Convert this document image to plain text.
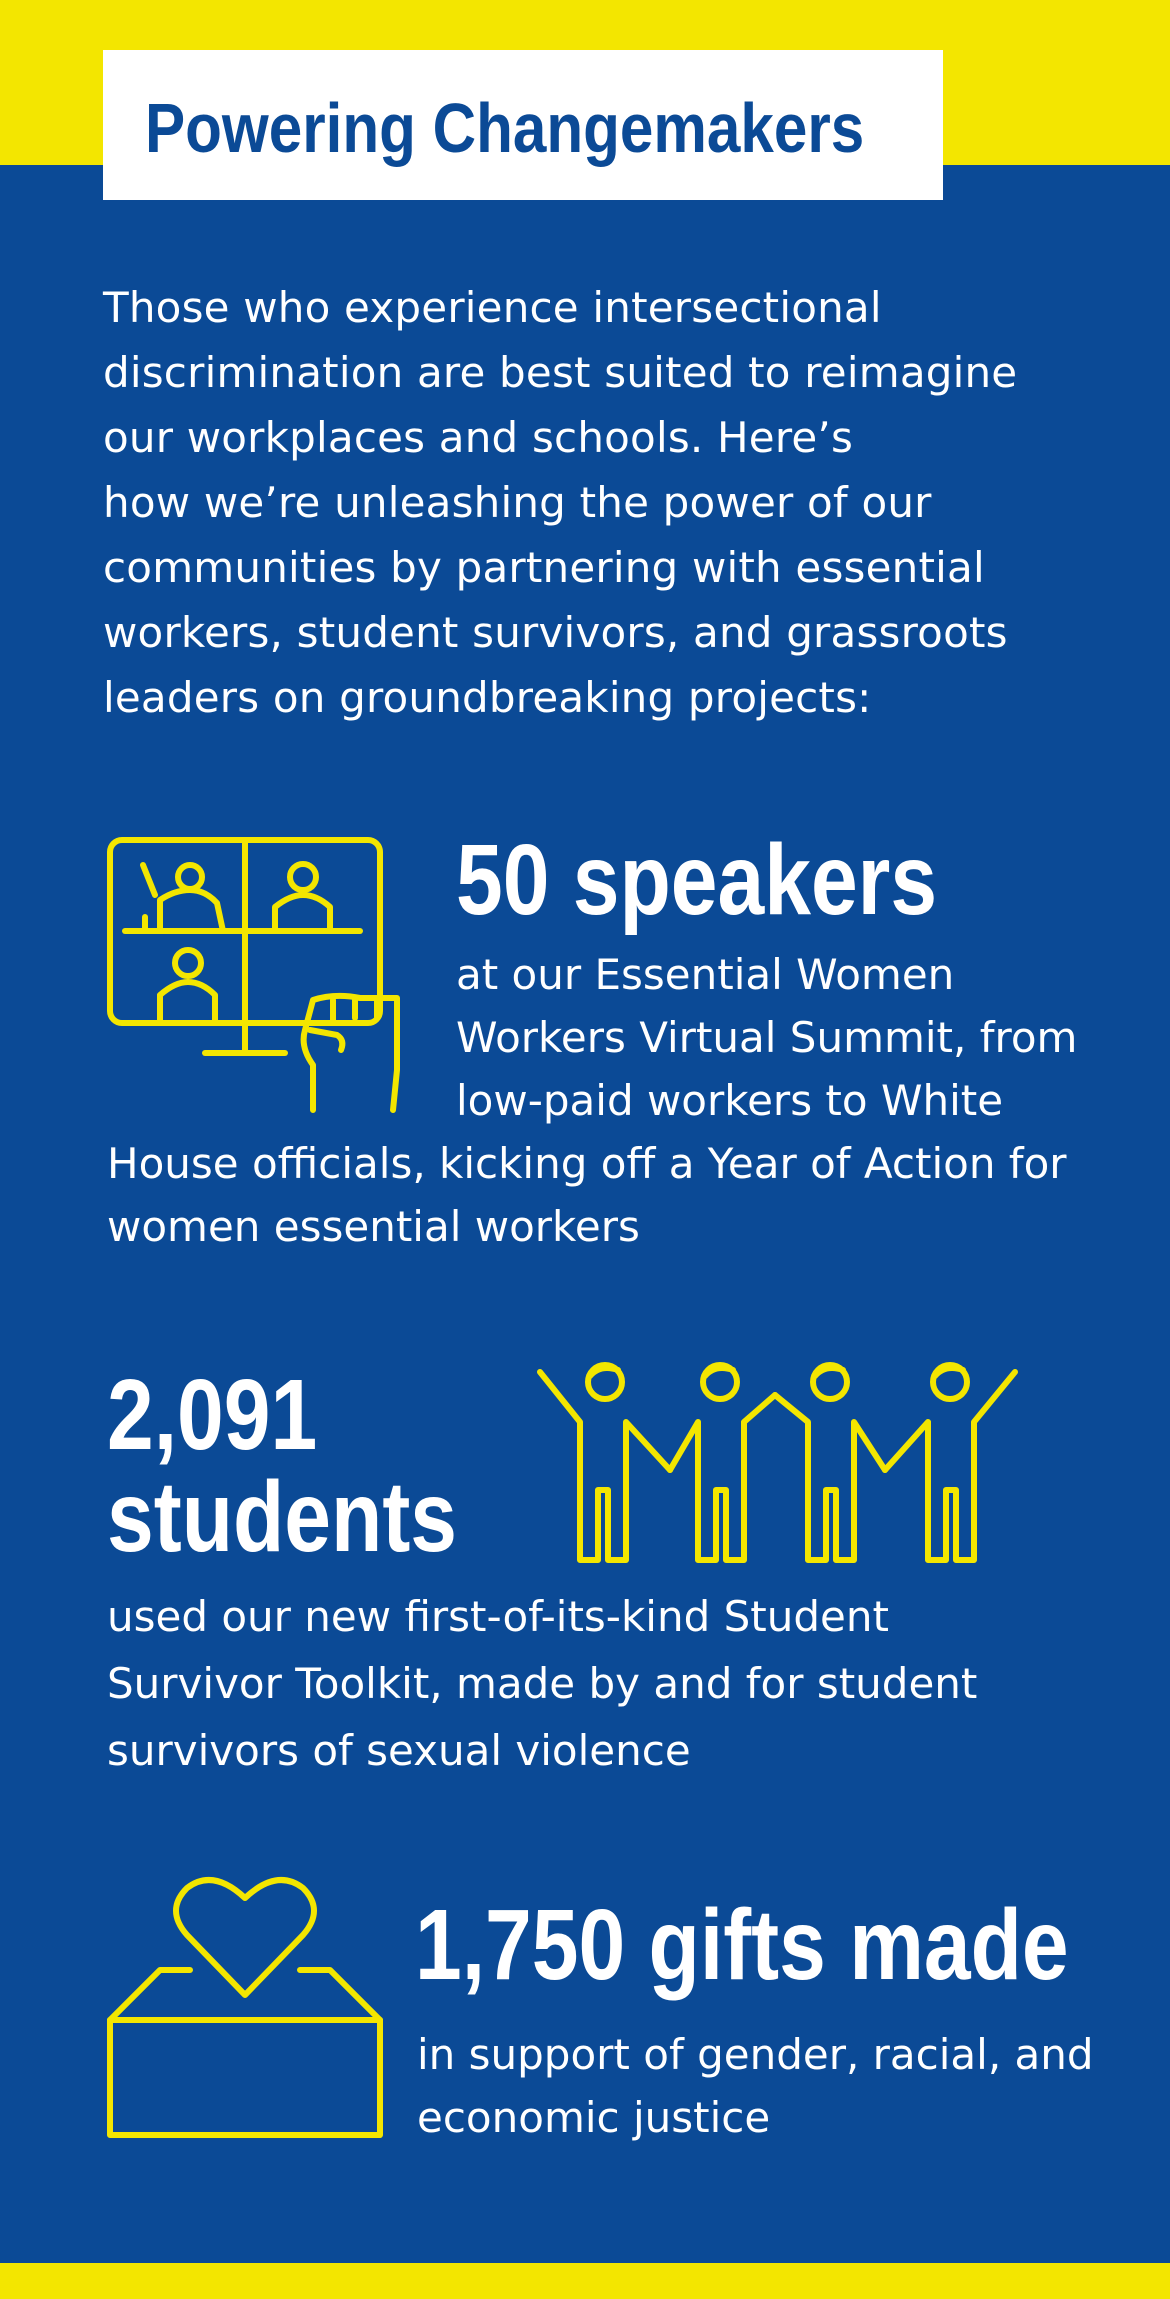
Powering Changemakers

Those who experience intersectional
discrimination are best suited to reimagine
our workplaces and schools. Here’s
how we’re unleashing the power of our
communities by partnering with essential
workers, student survivors, and grassroots
leaders on groundbreaking projects:

50 speakers

at our Essential Women
Workers Virtual Summit, from
low-paid workers to White

House officials, kicking off a Year of Action for
women essential workers

2,091
students

used our new first-of-its-kind Student
Survivor Toolkit, made by and for student
survivors of sexual violence

1,750 gifts made

in support of gender, racial, and
economic justice
